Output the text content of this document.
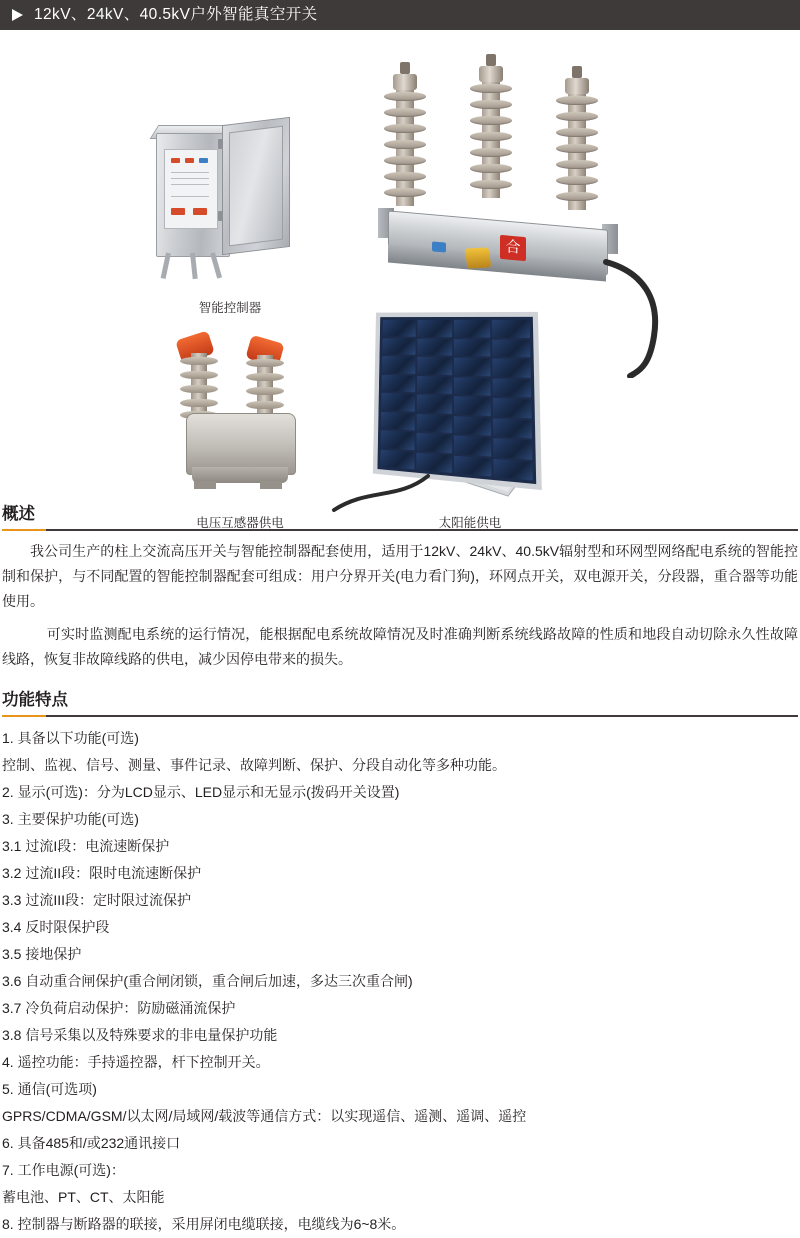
12kV、24kV、40.5kV户外智能真空开关
智能控制器
合
电压互感器供电	太阳能供电
概述

我公司生产的柱上交流高压开关与智能控制器配套使用，适用于12kV、24kV、40.5kV辐射型和环网型网络配电系统的智能控制和保护，与不同配置的智能控制器配套可组成：用户分界开关(电力看门狗)，环网点开关，双电源开关，分段器，重合器等功能使用。

可实时监测配电系统的运行情况，能根据配电系统故障情况及时准确判断系统线路故障的性质和地段自动切除永久性故障线路，恢复非故障线路的供电，减少因停电带来的损失。

功能特点
1. 具备以下功能(可选)
控制、监视、信号、测量、事件记录、故障判断、保护、分段自动化等多种功能。
2. 显示(可选)：分为LCD显示、LED显示和无显示(拨码开关设置)
3. 主要保护功能(可选)
3.1 过流I段：电流速断保护
3.2 过流II段：限时电流速断保护
3.3 过流III段：定时限过流保护
3.4 反时限保护段
3.5 接地保护
3.6 自动重合闸保护(重合闸闭锁，重合闸后加速，多达三次重合闸)
3.7 冷负荷启动保护：防励磁涌流保护
3.8 信号采集以及特殊要求的非电量保护功能
4. 遥控功能：手持遥控器，杆下控制开关。
5. 通信(可选项)
GPRS/CDMA/GSM/以太网/局域网/载波等通信方式：以实现遥信、遥测、遥调、遥控
6. 具备485和/或232通讯接口
7. 工作电源(可选)：
蓄电池、PT、CT、太阳能
8. 控制器与断路器的联接，采用屏闭电缆联接，电缆线为6~8米。
